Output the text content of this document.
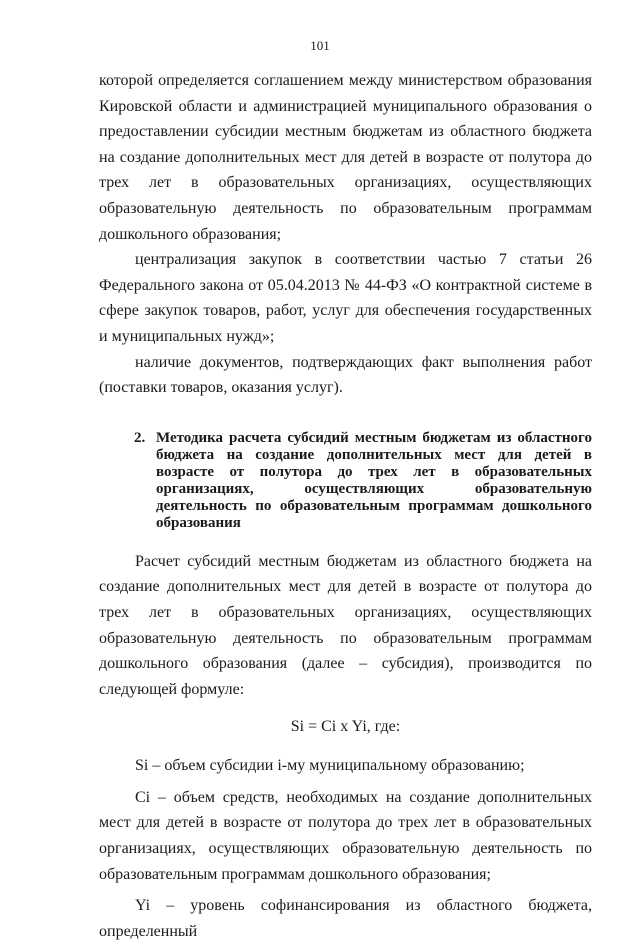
101

которой определяется соглашением между министерством образования Кировской области и администрацией муниципального образования о предоставлении субсидии местным бюджетам из областного бюджета на создание дополнительных мест для детей в возрасте от полутора до трех лет в образовательных организациях, осуществляющих образовательную деятельность по образовательным программам дошкольного образования;

централизация закупок в соответствии частью 7 статьи 26 Федерального закона от 05.04.2013 № 44-ФЗ «О контрактной системе в сфере закупок товаров, работ, услуг для обеспечения государственных и муниципальных нужд»;

наличие документов, подтверждающих факт выполнения работ (поставки товаров, оказания услуг).

2. Методика расчета субсидий местным бюджетам из областного бюджета на создание дополнительных мест для детей в возрасте от полутора до трех лет в образовательных организациях, осуществляющих образовательную деятельность по образовательным программам дошкольного образования

Расчет субсидий местным бюджетам из областного бюджета на создание дополнительных мест для детей в возрасте от полутора до трех лет в образовательных организациях, осуществляющих образовательную деятельность по образовательным программам дошкольного образования (далее – субсидия), производится по следующей формуле:

Si = Ci x Yi, где:

Si – объем субсидии i-му муниципальному образованию;

Ci – объем средств, необходимых на создание дополнительных мест для детей в возрасте от полутора до трех лет в образовательных организациях, осуществляющих образовательную деятельность по образовательным программам дошкольного образования;

Yi – уровень софинансирования из областного бюджета, определенный
